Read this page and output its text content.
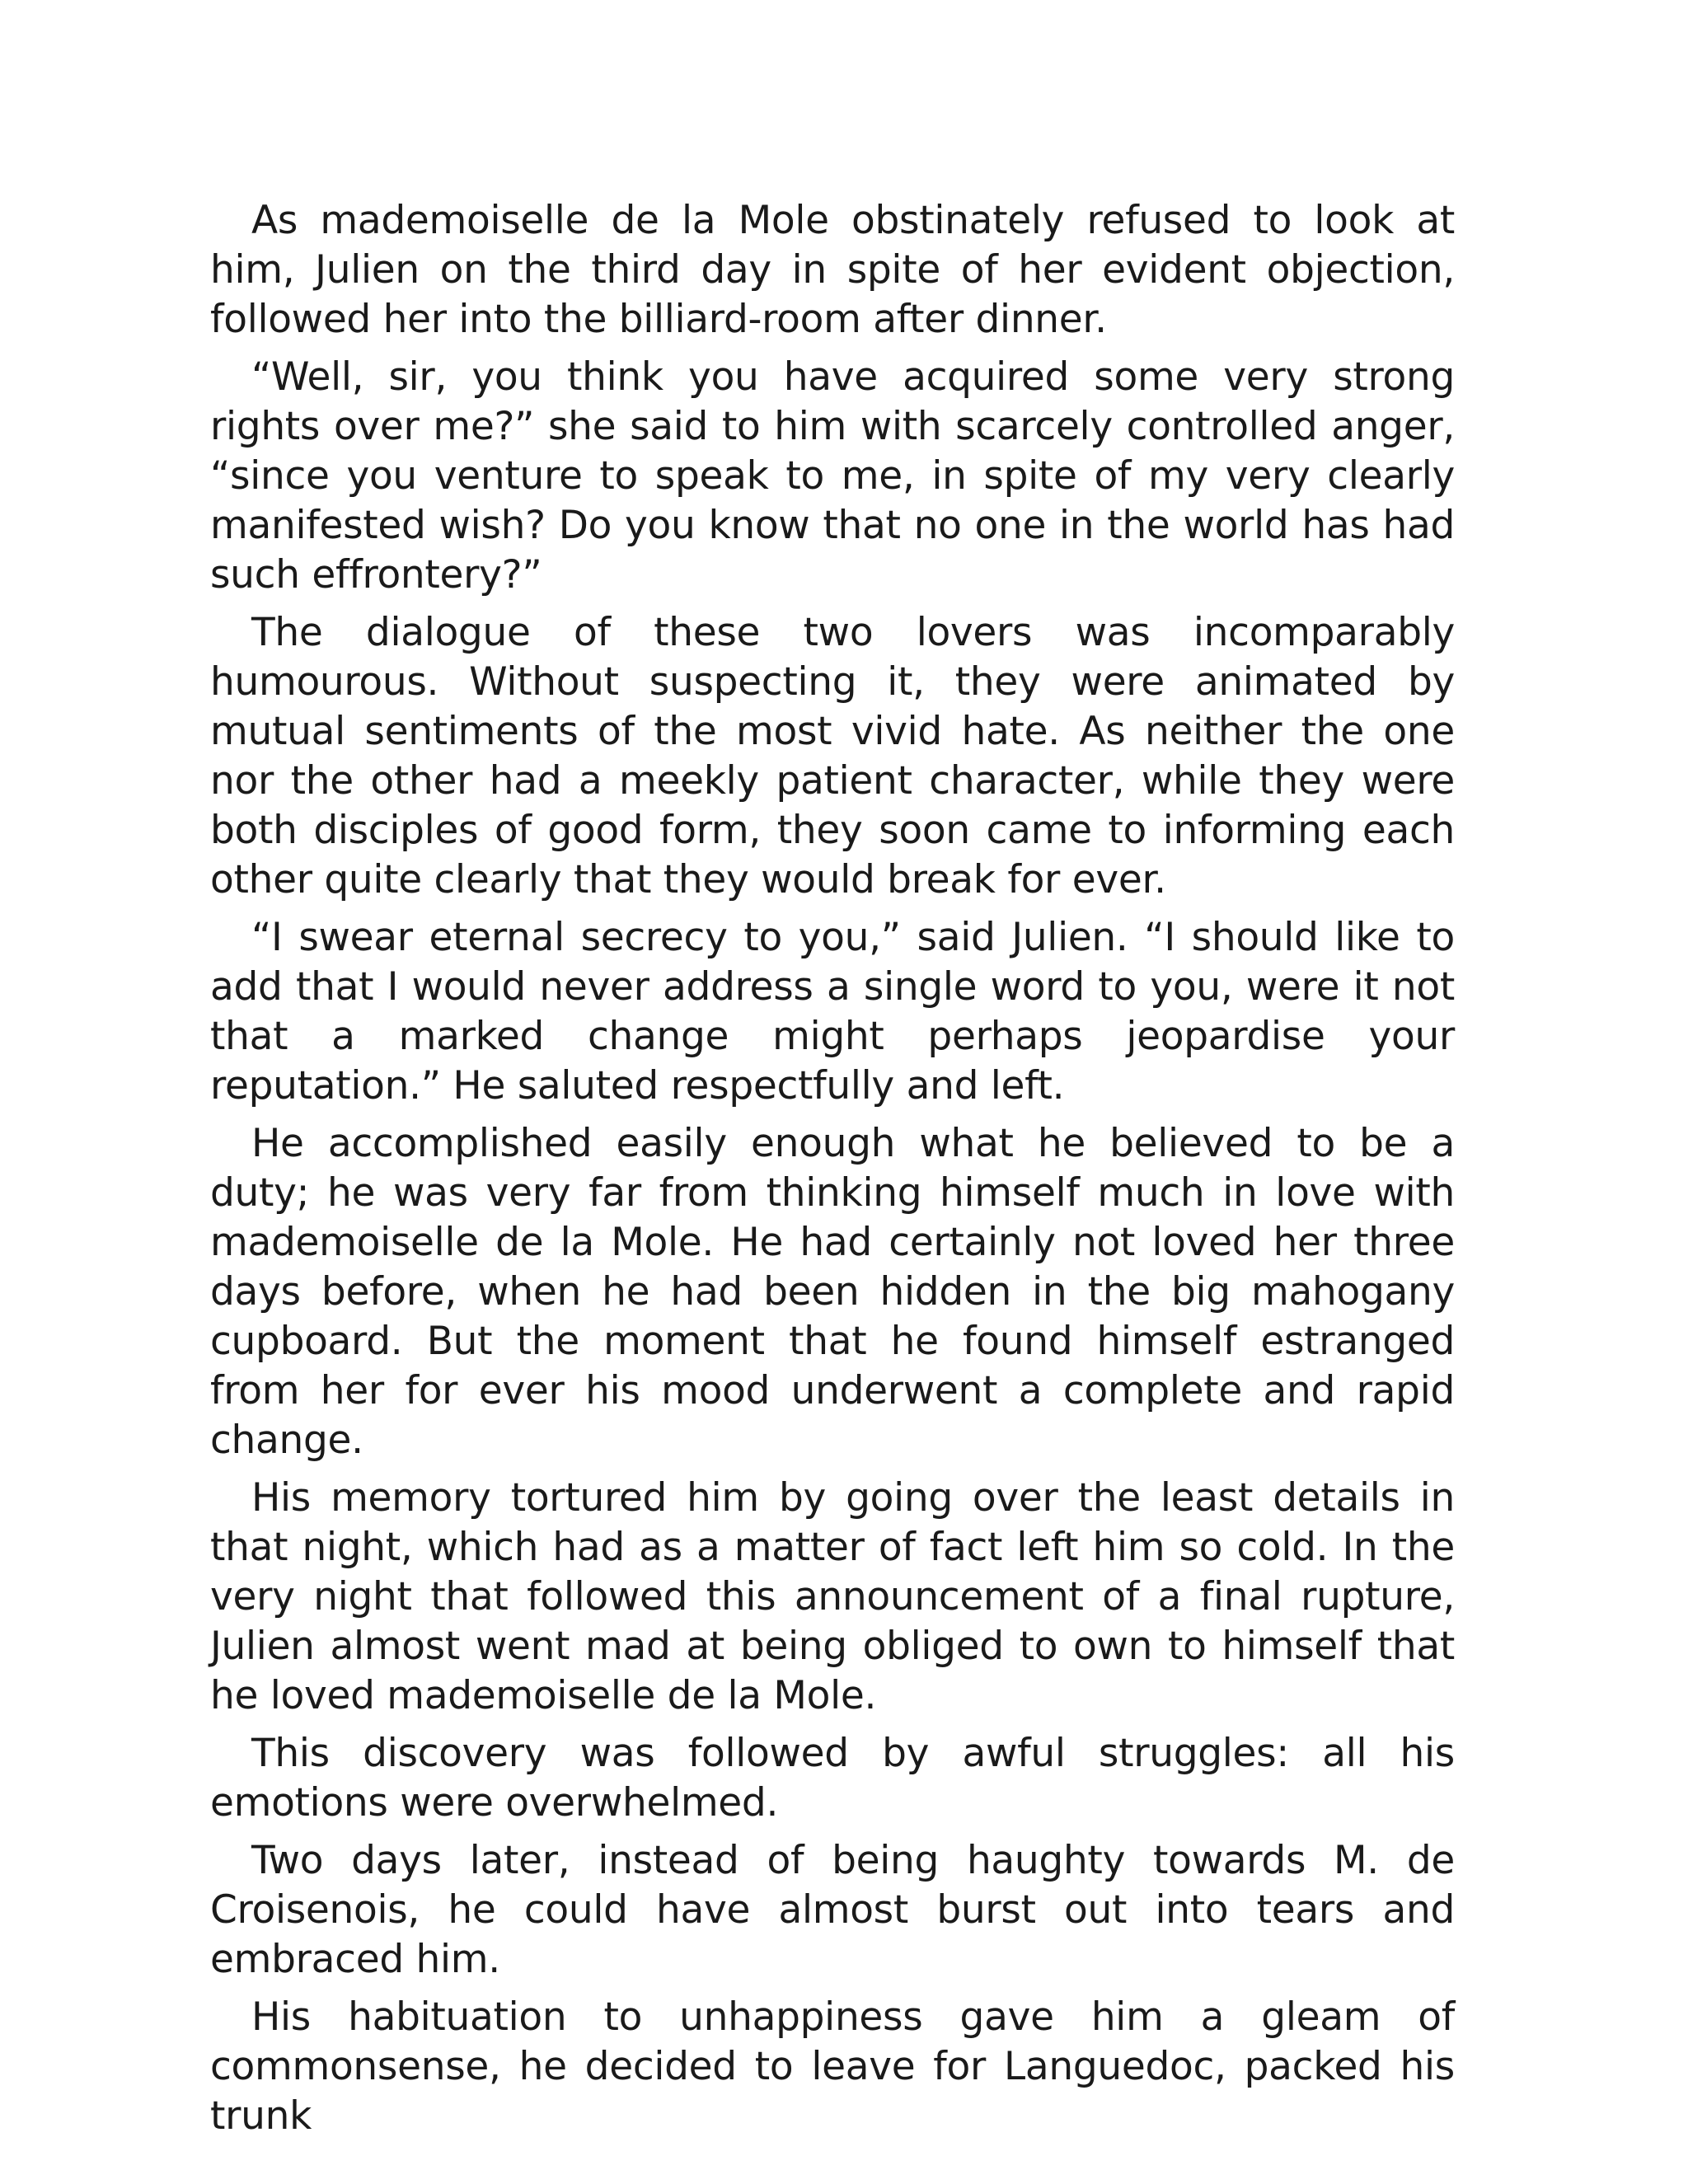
As mademoiselle de la Mole obstinately refused to look at him, Julien on the third day in spite of her evident objection, followed her into the billiard-room after dinner.

“Well, sir, you think you have acquired some very strong rights over me?” she said to him with scarcely controlled anger, “since you venture to speak to me, in spite of my very clearly manifested wish? Do you know that no one in the world has had such effrontery?”

The dialogue of these two lovers was incomparably humourous. Without suspecting it, they were animated by mutual sentiments of the most vivid hate. As neither the one nor the other had a meekly patient character, while they were both disciples of good form, they soon came to informing each other quite clearly that they would break for ever.

“I swear eternal secrecy to you,” said Julien. “I should like to add that I would never address a single word to you, were it not that a marked change might perhaps jeopardise your reputation.” He saluted respectfully and left.

He accomplished easily enough what he believed to be a duty; he was very far from thinking himself much in love with mademoiselle de la Mole. He had certainly not loved her three days before, when he had been hidden in the big mahogany cupboard. But the moment that he found himself estranged from her for ever his mood underwent a complete and rapid change.

His memory tortured him by going over the least details in that night, which had as a matter of fact left him so cold. In the very night that followed this announcement of a final rupture, Julien almost went mad at being obliged to own to himself that he loved mademoiselle de la Mole.

This discovery was followed by awful struggles: all his emotions were overwhelmed.

Two days later, instead of being haughty towards M. de Croisenois, he could have almost burst out into tears and embraced him.

His habituation to unhappiness gave him a gleam of commonsense, he decided to leave for Languedoc, packed his trunk
